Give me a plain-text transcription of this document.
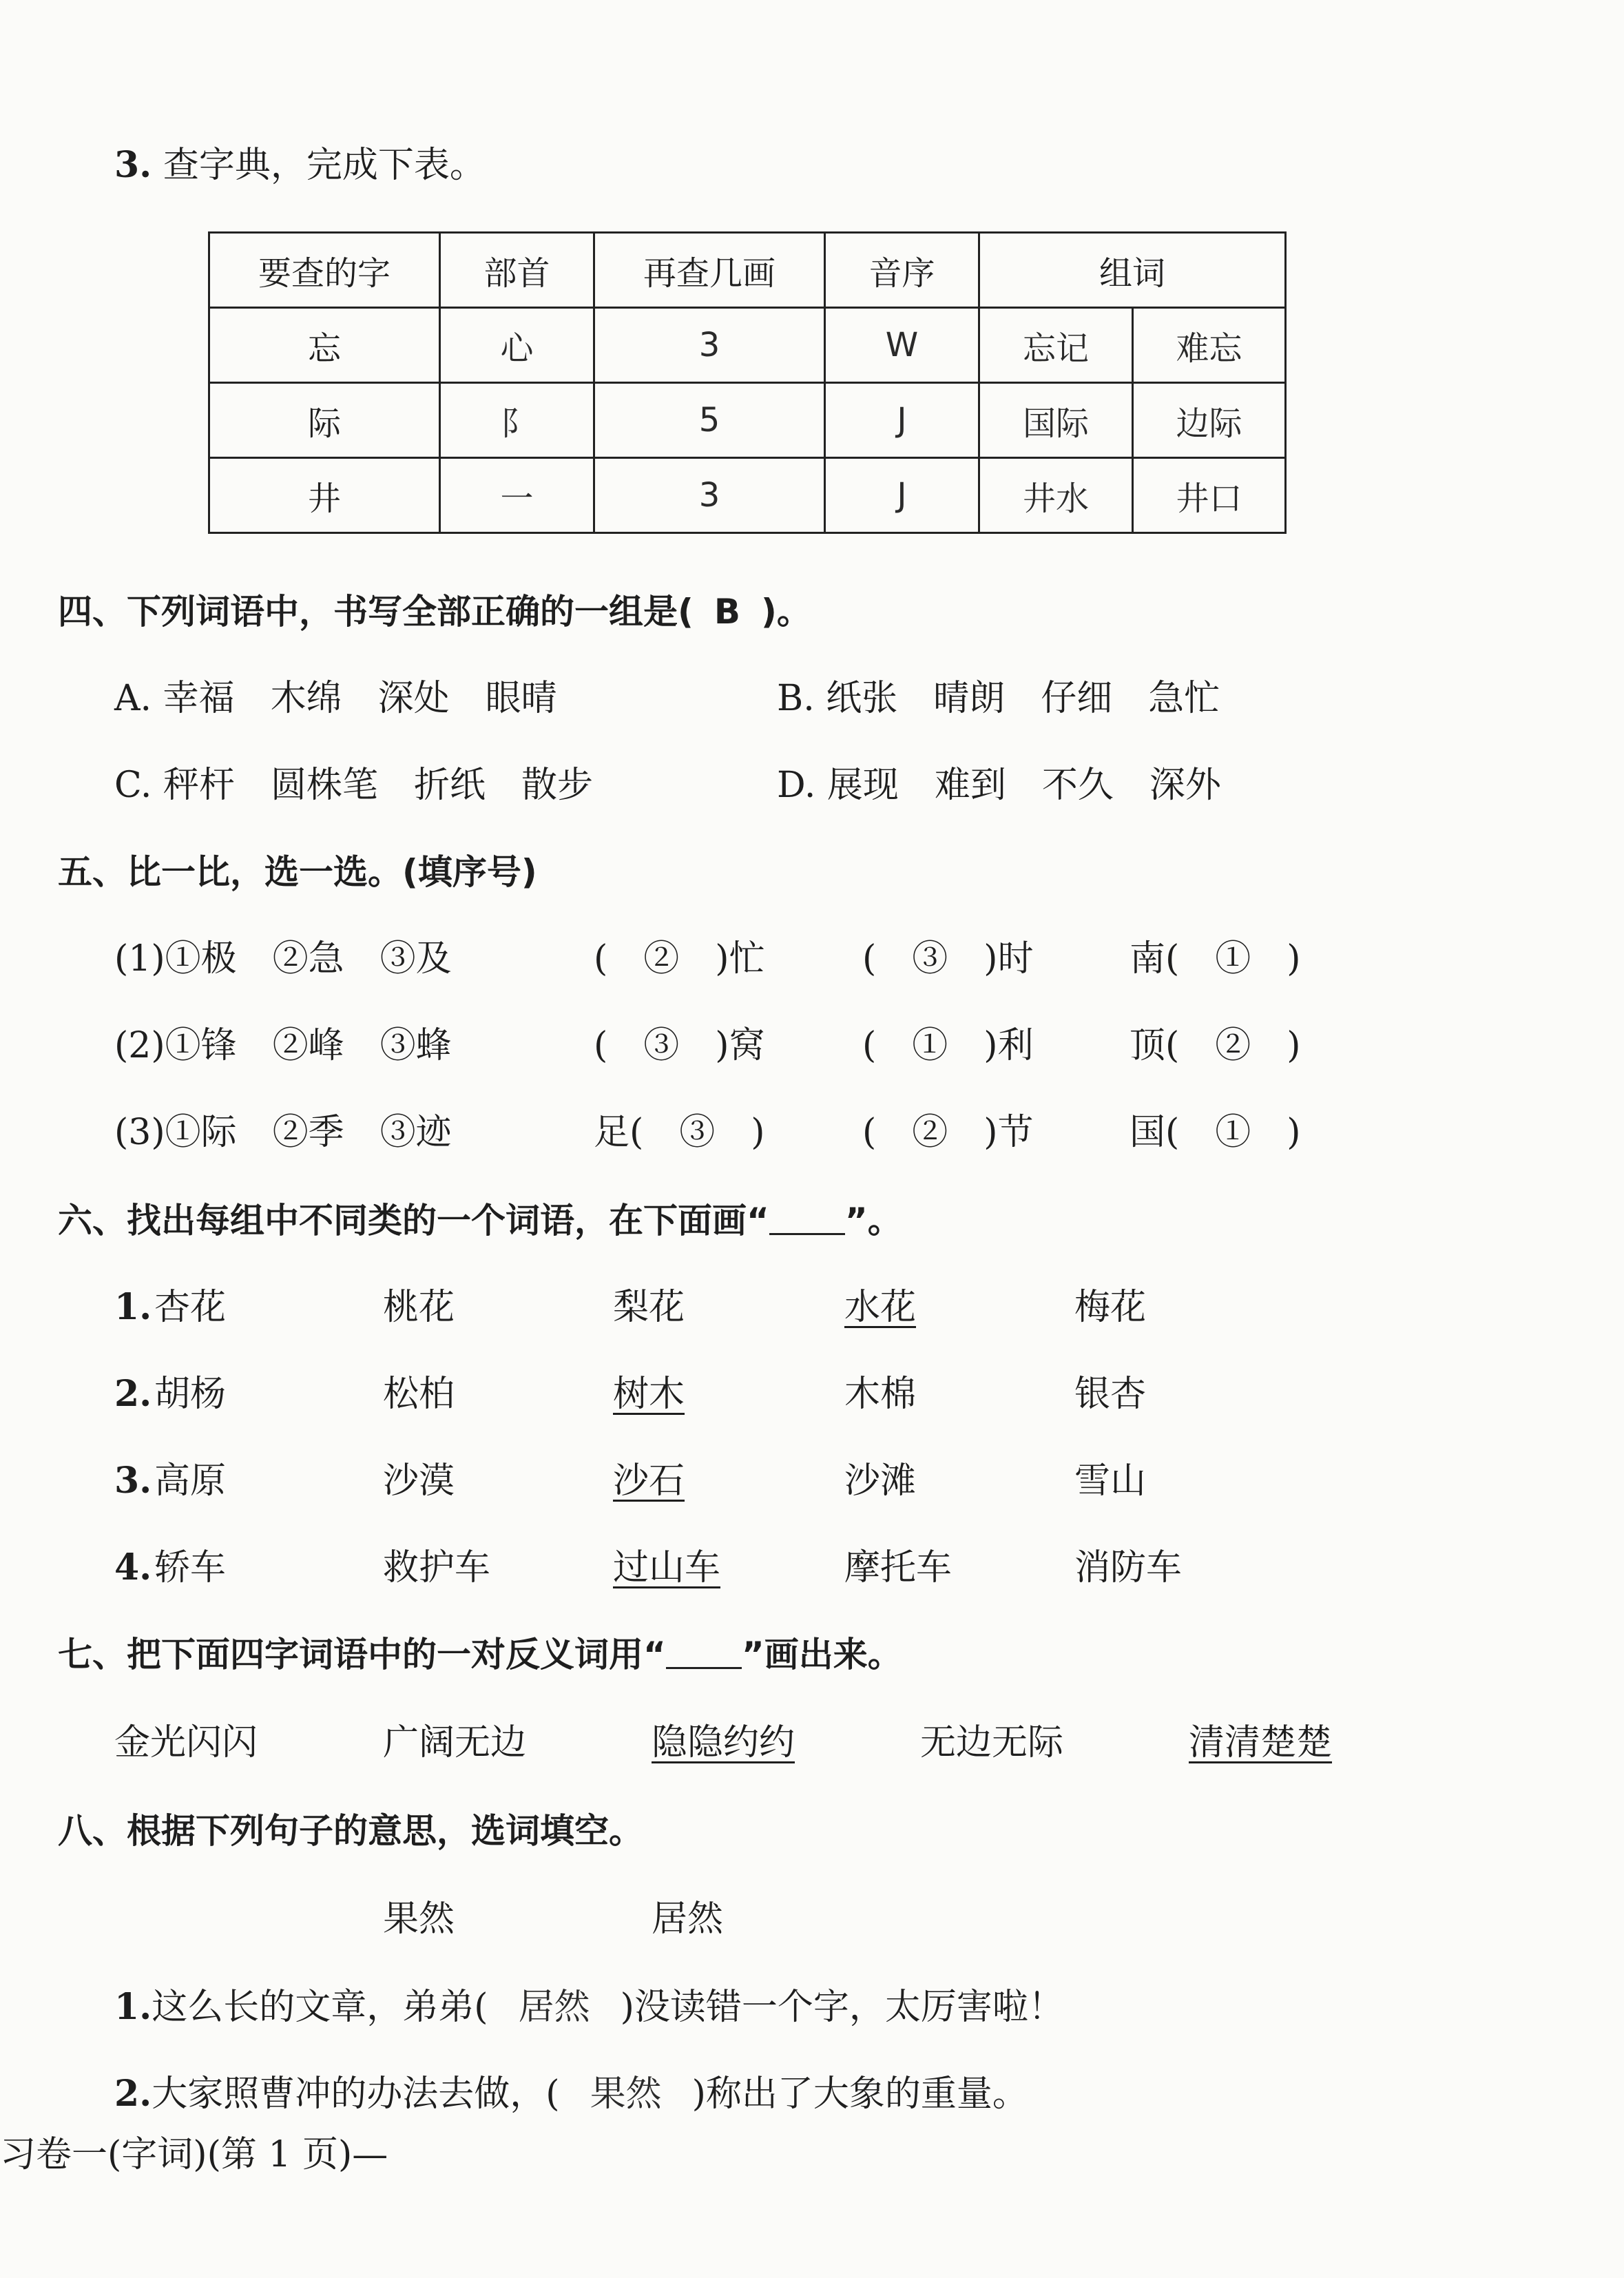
3. 查字典，完成下表。
要查的字	部首	再查几画	音序	组词	
忘	心	3	W	忘记	难忘
际	阝	5	J	国际	边际
井	一	3	J	井水	井口
四、下列词语中，书写全部正确的一组是( B )。
A. 幸福　木绵　深处　眼晴	B. 纸张　晴朗　仔细　急忙
C. 秤杆　圆株笔　折纸　散步	D. 展现　难到　不久　深外
五、比一比，选一选。(填序号)
(1)①极　②急　③及	(　②　)忙	(　③　)时	南(　①　)
(2)①锋　②峰　③蜂	(　③　)窝	(　①　)利	顶(　②　)
(3)①际　②季　③迹	足(　③　)	(　②　)节	国(　①　)
六、找出每组中不同类的一个词语，在下面画“ ”。
1. 杏花	桃花	梨花	水花	梅花
2. 胡杨	松柏	树木	木棉	银杏
3. 高原	沙漠	沙石	沙滩	雪山
4. 轿车	救护车	过山车	摩托车	消防车
七、把下面四字词语中的一对反义词用“ ”画出来。
金光闪闪	广阔无边	隐隐约约	无边无际	清清楚楚
八、根据下列句子的意思，选词填空。
果然	居然
1.这么长的文章，弟弟( 居然 )没读错一个字，太厉害啦！
2.大家照曹冲的办法去做，( 果然 )称出了大象的重量。
习卷一(字词)(第 1 页)—
